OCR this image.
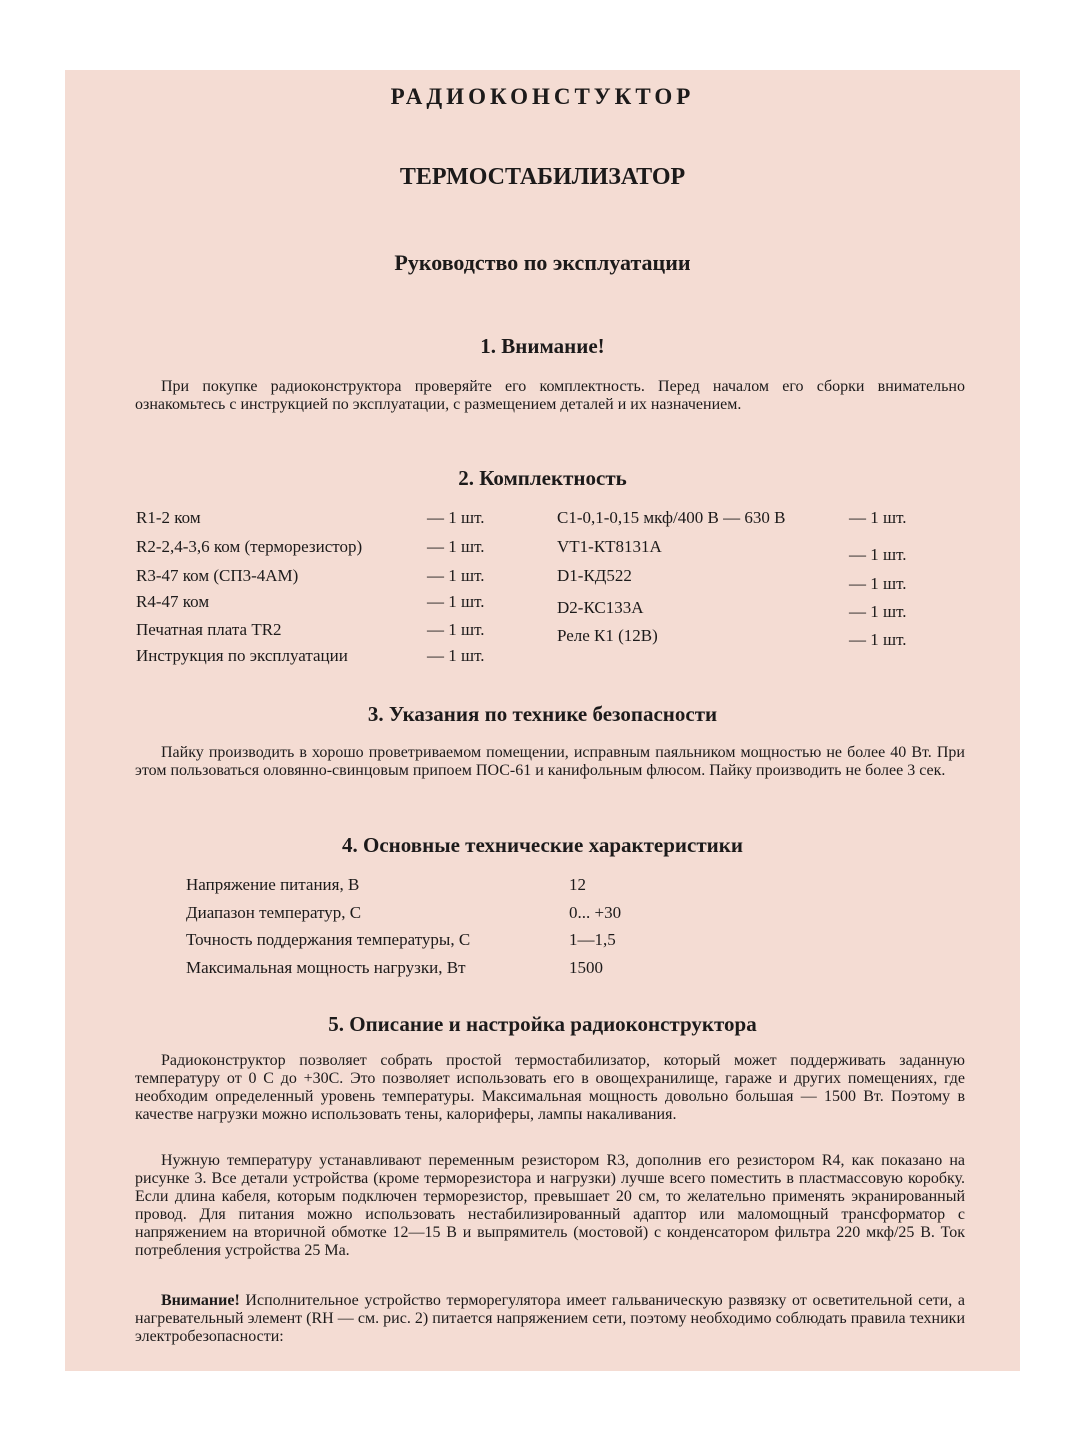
РАДИОКОНСТУКТОР
ТЕРМОСТАБИЛИЗАТОР
Руководство по эксплуатации
1. Внимание!

При покупке радиоконструктора проверяйте его комплектность. Перед началом его сборки внимательно ознакомьтесь с инструкцией по эксплуатации, с размещением деталей и их назначением.

2. Комплектность
R1-2 ком	— 1 шт.	С1-0,1-0,15 мкф/400 В — 630 В	— 1 шт.
R2-2,4-3,6 ком (терморезистор)	— 1 шт.	VT1-КТ8131А	— 1 шт.
R3-47 ком (СП3-4АМ)	— 1 шт.	D1-КД522	— 1 шт.
R4-47 ком	— 1 шт.	D2-КС133А	— 1 шт.
Печатная плата TR2	— 1 шт.	Реле К1 (12В)	— 1 шт.
Инструкция по эксплуатации	— 1 шт.
3. Указания по технике безопасности

Пайку производить в хорошо проветриваемом помещении, исправным паяльником мощностью не более 40 Вт. При этом пользоваться оловянно-свинцовым припоем ПОС-61 и канифольным флюсом. Пайку производить не более 3 сек.

4. Основные технические характеристики
Напряжение питания, В	12
Диапазон температур, С	0... +30
Точность поддержания температуры, С	1—1,5
Максимальная мощность нагрузки, Вт	1500
5. Описание и настройка радиоконструктора

Радиоконструктор позволяет собрать простой термостабилизатор, который может поддерживать заданную температуру от 0 С до +30С. Это позволяет использовать его в овощехранилище, гараже и других помещениях, где необходим определенный уровень температуры. Максимальная мощность довольно большая — 1500 Вт. Поэтому в качестве нагрузки можно использовать тены, калориферы, лампы накаливания.

Нужную температуру устанавливают переменным резистором R3, дополнив его резистором R4, как показано на рисунке 3. Все детали устройства (кроме терморезистора и нагрузки) лучше всего поместить в пластмассовую коробку. Если длина кабеля, которым подключен терморезистор, превышает 20 см, то желательно применять экранированный провод. Для питания можно использовать нестабилизированный адаптор или маломощный трансформатор с напряжением на вторичной обмотке 12—15 В и выпрямитель (мостовой) с конденсатором фильтра 220 мкф/25 В. Ток потребления устройства 25 Ма.

Внимание! Исполнительное устройство терморегулятора имеет гальваническую развязку от осветительной сети, а нагревательный элемент (RH — см. рис. 2) питается напряжением сети, поэтому необходимо соблюдать правила техники электробезопасности:
